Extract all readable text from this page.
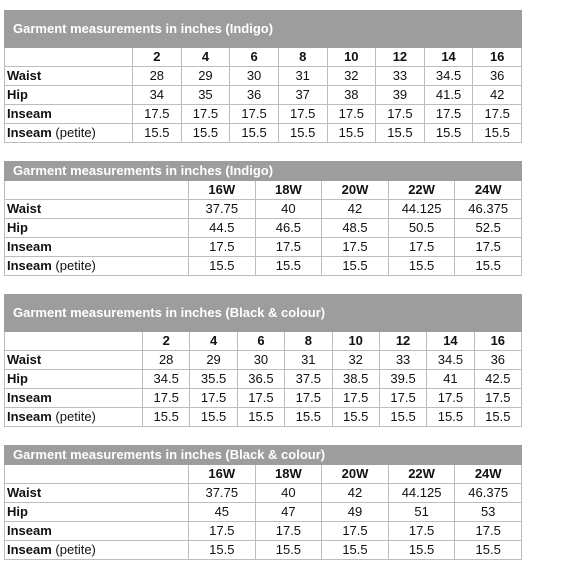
Garment measurements in inches (Indigo)								
	2	4	6	8	10	12	14	16
Waist	28	29	30	31	32	33	34.5	36
Hip	34	35	36	37	38	39	41.5	42
Inseam	17.5	17.5	17.5	17.5	17.5	17.5	17.5	17.5
Inseam (petite)	15.5	15.5	15.5	15.5	15.5	15.5	15.5	15.5
Garment measurements in inches (Indigo)					
	16W	18W	20W	22W	24W
Waist	37.75	40	42	44.125	46.375
Hip	44.5	46.5	48.5	50.5	52.5
Inseam	17.5	17.5	17.5	17.5	17.5
Inseam (petite)	15.5	15.5	15.5	15.5	15.5
Garment measurements in inches (Black & colour)								
	2	4	6	8	10	12	14	16
Waist	28	29	30	31	32	33	34.5	36
Hip	34.5	35.5	36.5	37.5	38.5	39.5	41	42.5
Inseam	17.5	17.5	17.5	17.5	17.5	17.5	17.5	17.5
Inseam (petite)	15.5	15.5	15.5	15.5	15.5	15.5	15.5	15.5
Garment measurements in inches (Black & colour)					
	16W	18W	20W	22W	24W
Waist	37.75	40	42	44.125	46.375
Hip	45	47	49	51	53
Inseam	17.5	17.5	17.5	17.5	17.5
Inseam (petite)	15.5	15.5	15.5	15.5	15.5
